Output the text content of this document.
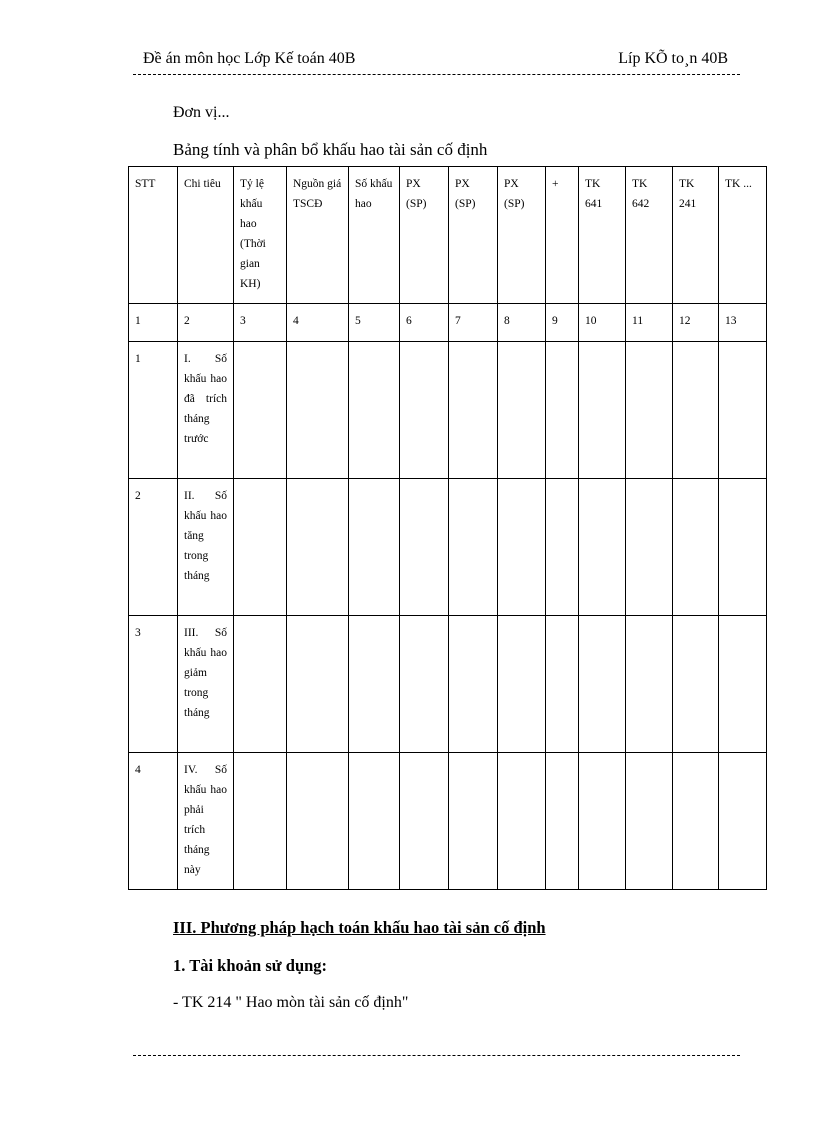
Đề án môn học Lớp Kế toán 40B	Líp KÕ to¸n 40B
Đơn vị...
Bảng tính và phân bổ khấu hao tài sản cố định
STT	Chi tiêu	Tỷ lệ khấu hao (Thời gian KH)	Nguồn giá TSCĐ	Số khấu hao	PX (SP)	PX (SP)	PX (SP)	+	TK 641	TK 642	TK 241	TK ...
1	2	3	4	5	6	7	8	9	10	11	12	13
1	I. Số khấu hao đã trích tháng trước											
2	II. Số khấu hao tăng trong tháng											
3	III. Số khấu hao giảm trong tháng											
4	IV. Số khấu hao phải trích tháng này											
III. Phương pháp hạch toán khấu hao tài sản cố định
1. Tài khoản sử dụng:
- TK 214 " Hao mòn tài sản cố định"
